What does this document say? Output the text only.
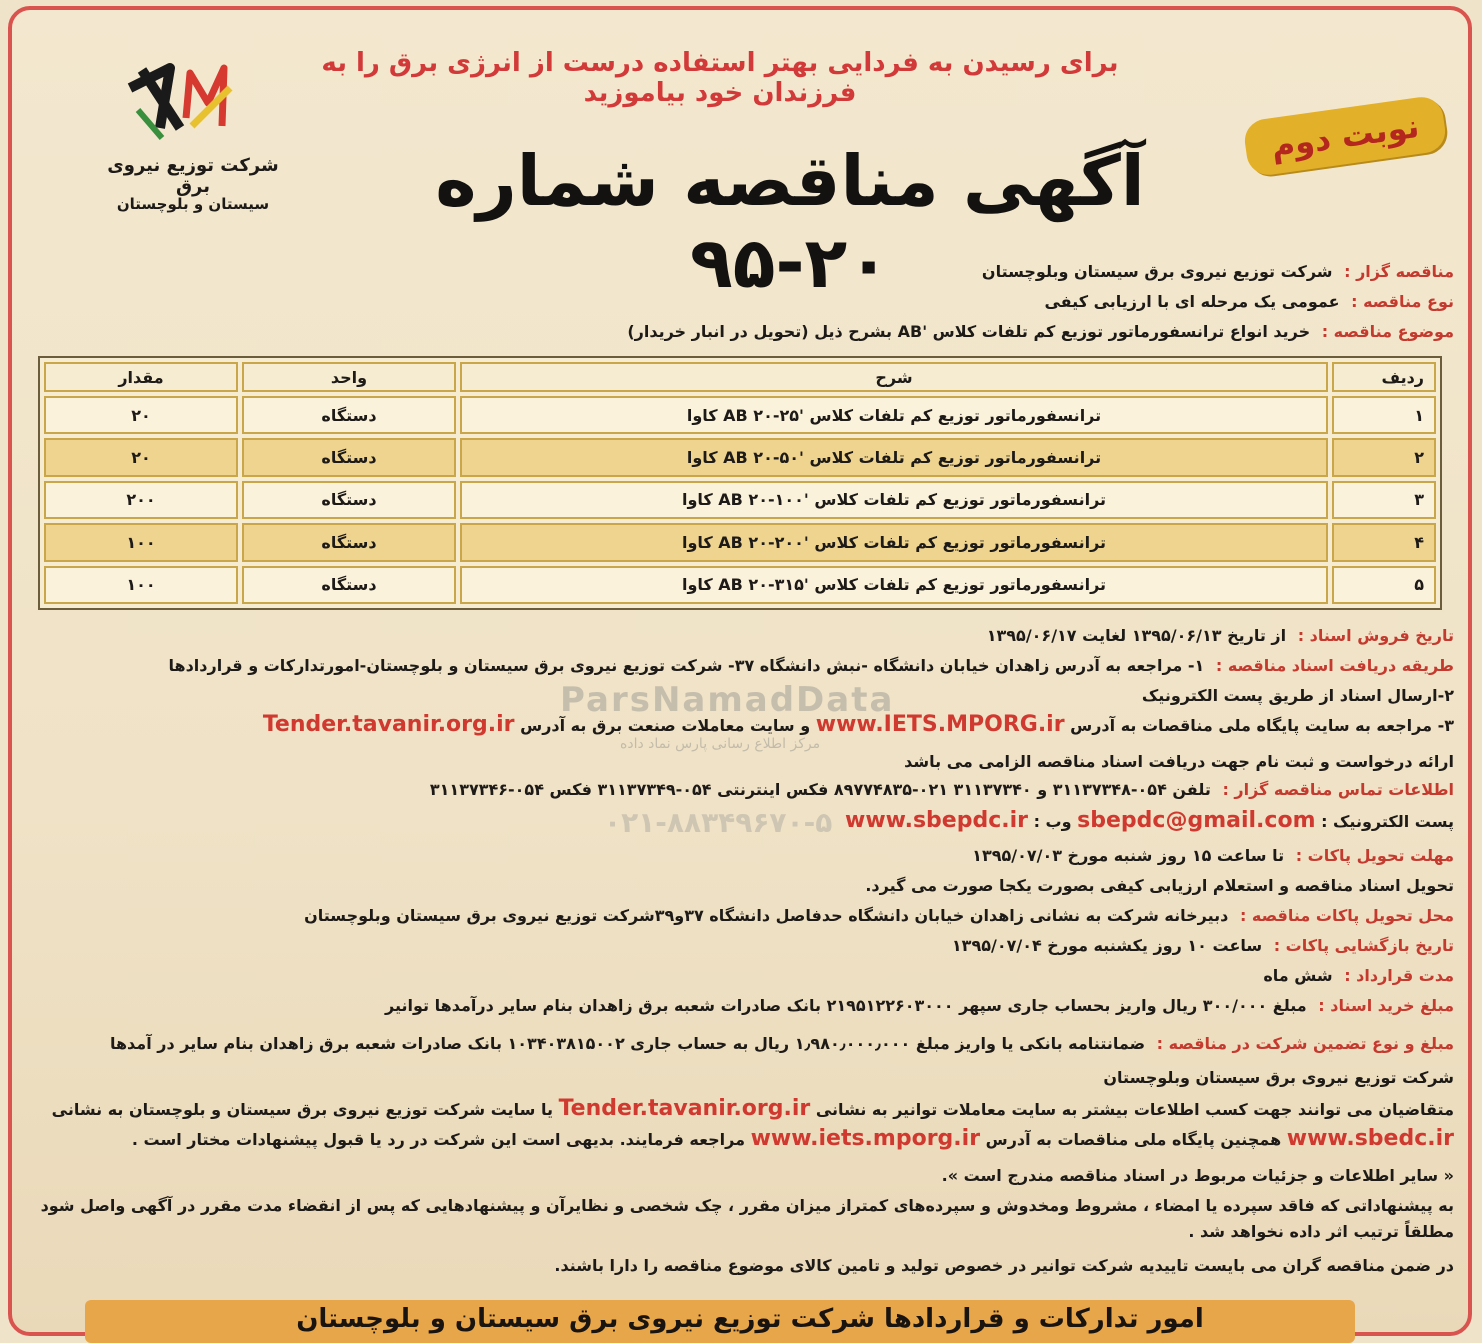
برای رسیدن به فردایی بهتر استفاده درست از انرژی برق را به فرزندان خود بیاموزید
شرکت توزیع نیروی برق
سیستان و بلوچستان
نوبت دوم
آگهی مناقصه شماره ۲۰-۹۵	مناقصه گزار : شرکت توزیع نیروی برق سیستان وبلوچستان
نوع مناقصه : عمومی یک مرحله ای با ارزیابی کیفی
موضوع مناقصه : خرید انواع ترانسفورماتور توزیع کم تلفات کلاس 'AB بشرح ذیل (تحویل در انبار خریدار)
ردیف	شرح	واحد	مقدار
۱	ترانسفورماتور توزیع کم تلفات کلاس 'AB ۲۰-۲۵ کاوا	دستگاه	۲۰
۲	ترانسفورماتور توزیع کم تلفات کلاس 'AB ۲۰-۵۰ کاوا	دستگاه	۲۰
۳	ترانسفورماتور توزیع کم تلفات کلاس 'AB ۲۰-۱۰۰ کاوا	دستگاه	۲۰۰
۴	ترانسفورماتور توزیع کم تلفات کلاس 'AB ۲۰-۲۰۰ کاوا	دستگاه	۱۰۰
۵	ترانسفورماتور توزیع کم تلفات کلاس 'AB ۲۰-۳۱۵ کاوا	دستگاه	۱۰۰
ParsNamadData
مرکز اطلاع رسانی پارس نماد داده
۰۲۱-۸۸۳۴۹۶۷۰-۵
تاریخ فروش اسناد : از تاریخ ۱۳۹۵/۰۶/۱۳ لغایت ۱۳۹۵/۰۶/۱۷
طریقه دریافت اسناد مناقصه : ۱- مراجعه به آدرس زاهدان خیابان دانشگاه -نبش دانشگاه ۳۷- شرکت توزیع نیروی برق سیستان و بلوچستان-امورتدارکات و قراردادها
۲-ارسال اسناد از طریق پست الکترونیک
۳- مراجعه به سایت پایگاه ملی مناقصات به آدرس www.IETS.MPORG.ir و سایت معاملات صنعت برق به آدرس Tender.tavanir.org.ir
ارائه درخواست و ثبت نام جهت دریافت اسناد مناقصه الزامی می باشد
اطلاعات تماس مناقصه گزار : تلفن ۰۵۴-۳۱۱۳۷۳۴۸ و ۳۱۱۳۷۳۴۰ ۰۲۱-۸۹۷۷۴۸۳۵ فکس اینترنتی ۰۵۴-۳۱۱۳۷۳۴۹ فکس ۰۵۴-۳۱۱۳۷۳۴۶
پست الکترونیک : sbepdc@gmail.com وب : www.sbepdc.ir
مهلت تحویل پاکات : تا ساعت ۱۵ روز شنبه مورخ ۱۳۹۵/۰۷/۰۳
تحویل اسناد مناقصه و استعلام ارزیابی کیفی بصورت یکجا صورت می گیرد.
محل تحویل پاکات مناقصه : دبیرخانه شرکت به نشانی زاهدان خیابان دانشگاه حدفاصل دانشگاه ۳۷و۳۹شرکت توزیع نیروی برق سیستان وبلوچستان
تاریخ بازگشایی پاکات : ساعت ۱۰ روز یکشنبه مورخ ۱۳۹۵/۰۷/۰۴
مدت قرارداد : شش ماه
مبلغ خرید اسناد : مبلغ ۳۰۰/۰۰۰ ریال واریز بحساب جاری سپهر ۲۱۹۵۱۲۲۶۰۳۰۰۰ بانک صادرات شعبه برق زاهدان بنام سایر درآمدها توانیر
مبلغ و نوع تضمین شرکت در مناقصه : ضمانتنامه بانکی یا واریز مبلغ ۱٫۹۸۰٫۰۰۰٫۰۰۰ ریال به حساب جاری ۱۰۳۴۰۳۸۱۵۰۰۲ بانک صادرات شعبه برق زاهدان بنام سایر در آمدها
شرکت توزیع نیروی برق سیستان وبلوچستان
متقاضیان می توانند جهت کسب اطلاعات بیشتر به سایت معاملات توانیر به نشانی Tender.tavanir.org.ir یا سایت شرکت توزیع نیروی برق سیستان و بلوچستان به نشانی
www.sbedc.ir همچنین پایگاه ملی مناقصات به آدرس www.iets.mporg.ir مراجعه فرمایند. بدیهی است این شرکت در رد یا قبول پیشنهادات مختار است .
« سایر اطلاعات و جزئیات مربوط در اسناد مناقصه مندرج است ».
به پیشنهاداتی که فاقد سپرده یا امضاء ، مشروط ومخدوش و سپرده‌های کمتراز میزان مقرر ، چک شخصی و نظایرآن و پیشنهادهایی که پس از انقضاء مدت مقرر در آگهی واصل شود
مطلقاً ترتیب اثر داده نخواهد شد .
در ضمن مناقصه گران می بایست تاییدیه شرکت توانیر در خصوص تولید و تامین کالای موضوع مناقصه را دارا باشند.
امور تدارکات و قراردادها شرکت توزیع نیروی برق سیستان و بلوچستان
